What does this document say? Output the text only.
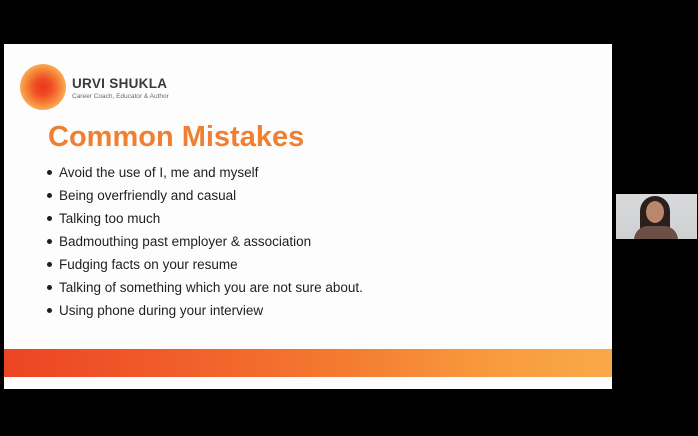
URVI SHUKLA
Career Coach, Educator & Author
Common Mistakes
Avoid the use of I, me and myself
Being overfriendly and casual
Talking too much
Badmouthing past employer & association
Fudging facts on your resume
Talking of something which you are not sure about.
Using phone during your interview
